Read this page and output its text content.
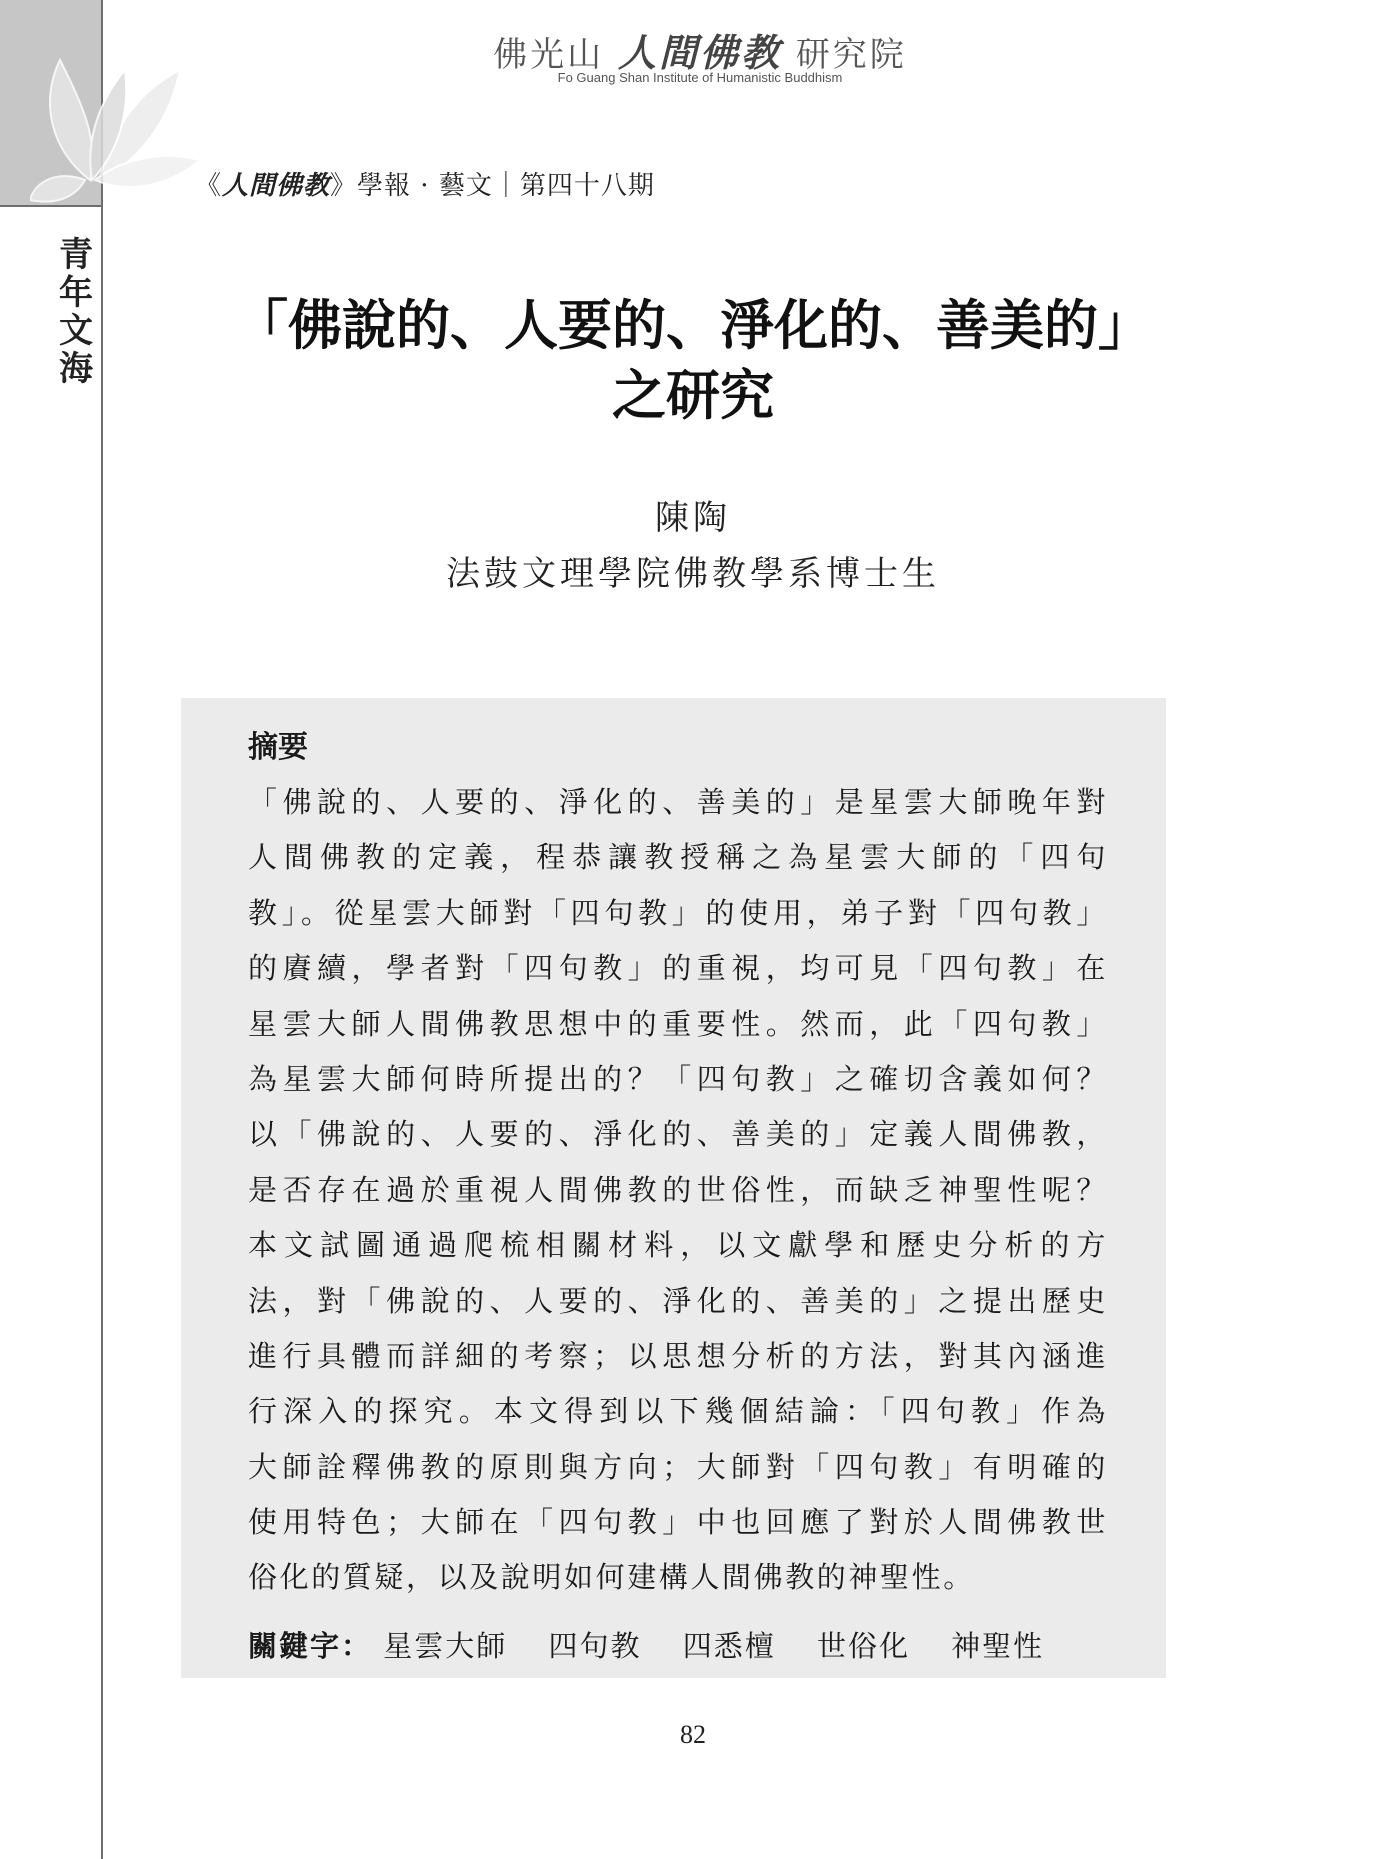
青
年
文
海
佛光山 人間佛教 研究院
Fo Guang Shan Institute of Humanistic Buddhism
《人間佛教》學報 · 藝文｜第四十八期
「佛說的、人要的、淨化的、善美的」
之研究
陳陶
法鼓文理學院佛教學系博士生
摘要
「佛說的、人要的、淨化的、善美的」是星雲大師晚年對
人間佛教的定義，程恭讓教授稱之為星雲大師的「四句
教」。從星雲大師對「四句教」的使用，弟子對「四句教」
的賡續，學者對「四句教」的重視，均可見「四句教」在
星雲大師人間佛教思想中的重要性。然而，此「四句教」
為星雲大師何時所提出的？「四句教」之確切含義如何？
以「佛說的、人要的、淨化的、善美的」定義人間佛教，
是否存在過於重視人間佛教的世俗性，而缺乏神聖性呢？
本文試圖通過爬梳相關材料，以文獻學和歷史分析的方
法，對「佛說的、人要的、淨化的、善美的」之提出歷史
進行具體而詳細的考察；以思想分析的方法，對其內涵進
行深入的探究。本文得到以下幾個結論：「四句教」作為
大師詮釋佛教的原則與方向；大師對「四句教」有明確的
使用特色；大師在「四句教」中也回應了對於人間佛教世
俗化的質疑，以及說明如何建構人間佛教的神聖性。
關鍵字： 星雲大師 四句教 四悉檀 世俗化 神聖性
82
